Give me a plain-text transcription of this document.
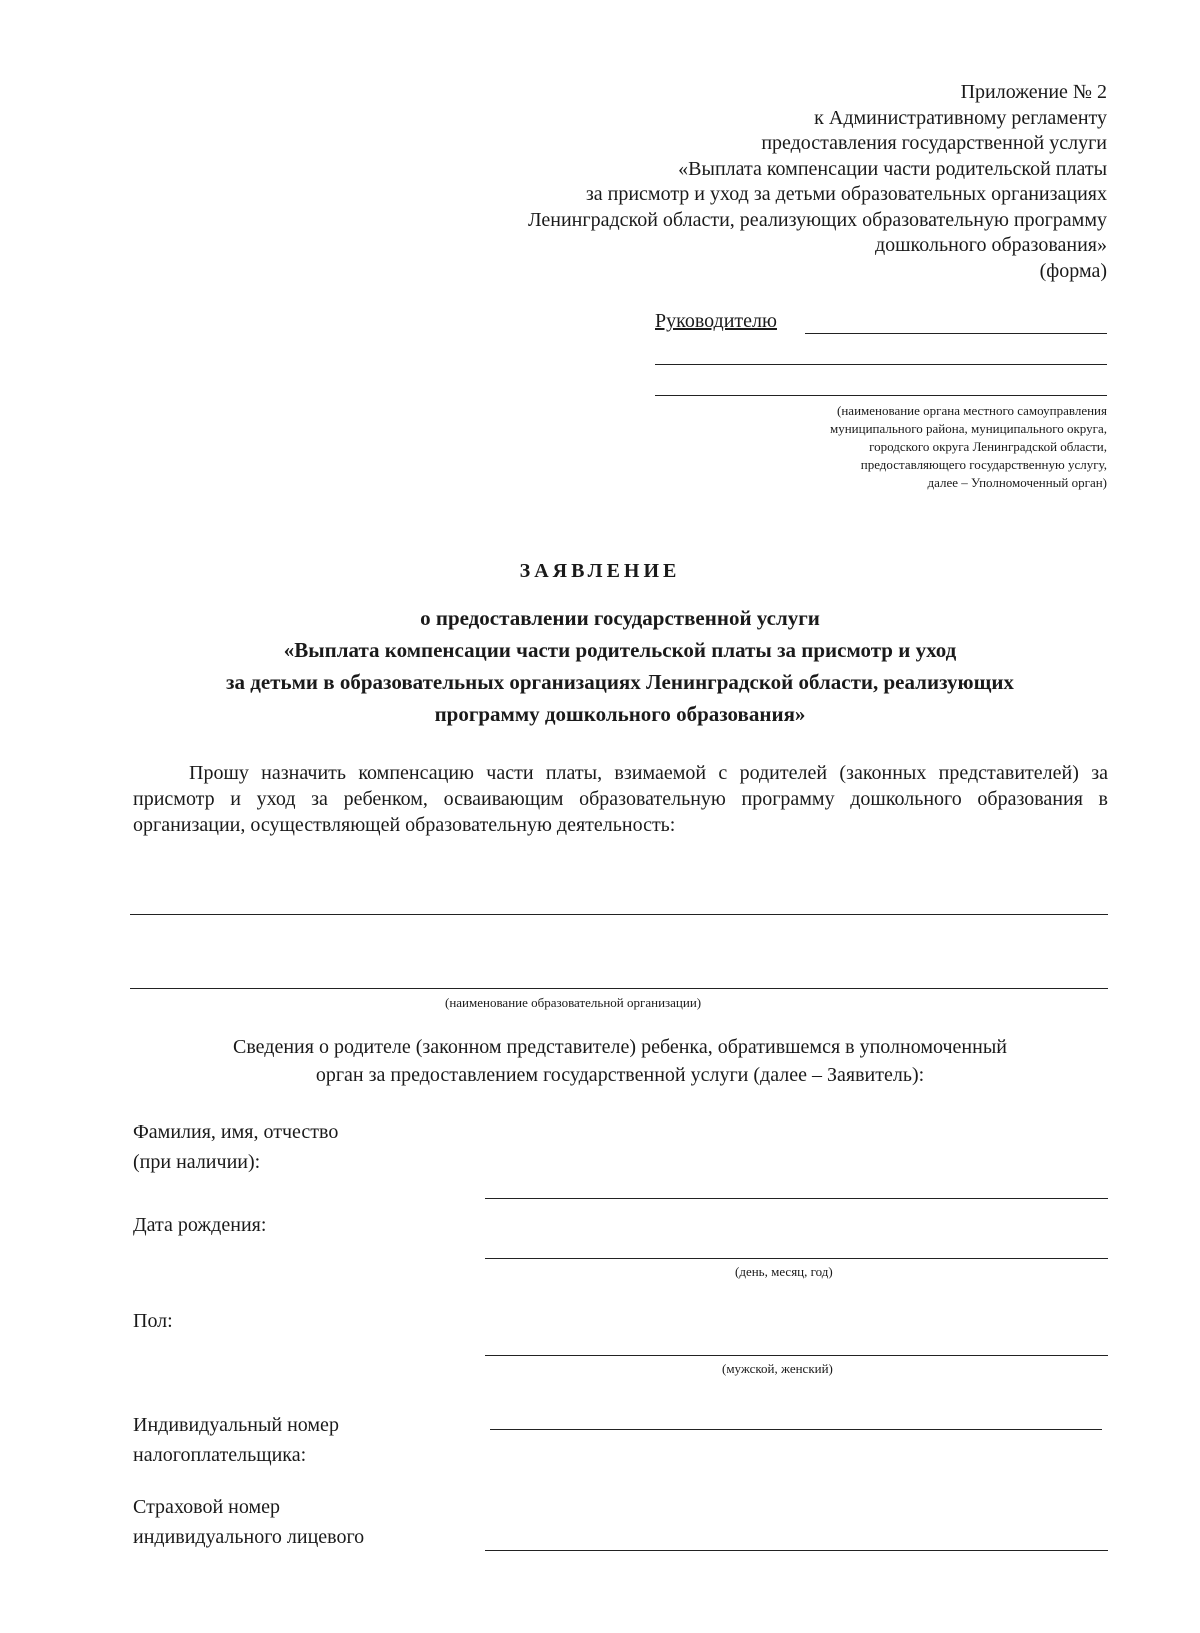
Приложение № 2
к Административному регламенту
предоставления государственной услуги
«Выплата компенсации части родительской платы
за присмотр и уход за детьми образовательных организациях
Ленинградской области, реализующих образовательную программу
дошкольного образования»
(форма)
Руководителю
(наименование органа местного самоуправления
муниципального района, муниципального округа,
городского округа Ленинградской области,
предоставляющего государственную услугу,
далее – Уполномоченный орган)
ЗАЯВЛЕНИЕ
о предоставлении государственной услуги
«Выплата компенсации части родительской платы за присмотр и уход
за детьми в образовательных организациях Ленинградской области, реализующих
программу дошкольного образования»
Прошу назначить компенсацию части платы, взимаемой с родителей (законных представителей) за присмотр и уход за ребенком, осваивающим образовательную программу дошкольного образования в организации, осуществляющей образовательную деятельность:
(наименование образовательной организации)
Сведения о родителе (законном представителе) ребенка, обратившемся в уполномоченный
орган за предоставлением государственной услуги (далее – Заявитель):
Фамилия, имя, отчество
(при наличии):
Дата рождения:
(день, месяц, год)
Пол:
(мужской, женский)
Индивидуальный номер
налогоплательщика:
Страховой номер
индивидуального лицевого
